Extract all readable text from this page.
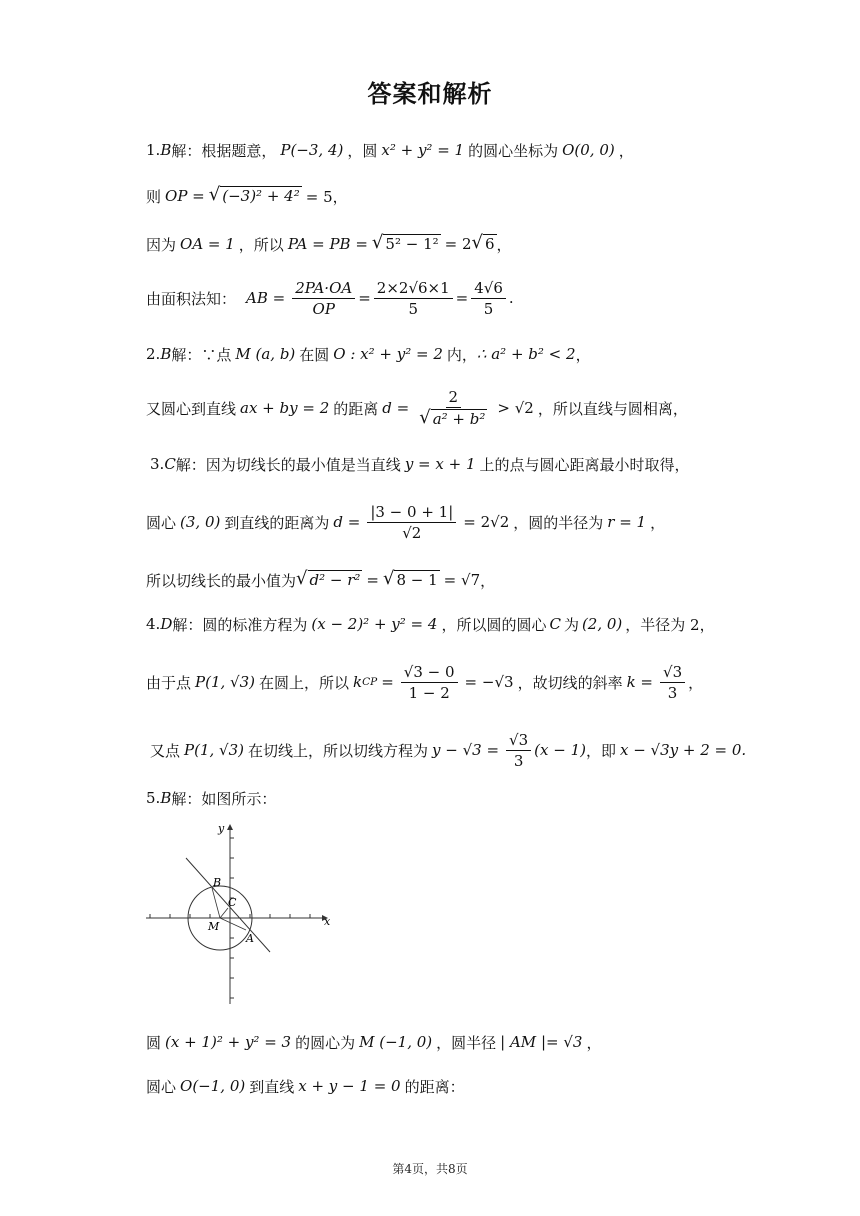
答案和解析
1. B 解：根据题意， P(−3, 4) ，圆 x² + y² = 1 的圆心坐标为 O(0, 0) ，
则 OP = √ (−3)² + 4² = 5，
因为 OA = 1 ，所以 PA = PB = √ 5² − 1² = 2 √ 6 ，
由面积法知： AB = $\frac{2PA\cdot OA}{OP} = \frac{2\times 2√6\times 1}{5} = \frac{4√6}{5}$ .
2. B 解：∵点 M (a, b) 在圆 O : x² + y² = 2 内， ∴ a² + b² < 2 ，
又圆心到直线 ax + by = 2 的距离 $d = \frac{2}{\text{√ a² + b²}} > √2$ ，所以直线与圆相离，
3. C 解：因为切线长的最小值是当直线 y = x + 1 上的点与圆心距离最小时取得，
圆心 (3, 0) 到直线的距离为 $d = \frac{|3 - 0 + 1|}{√2} = 2√2$ ，圆的半径为 r = 1 ，
所以切线长的最小值为 √ d² − r² = √ 8 − 1 = √7 ，
4. D 解：圆的标准方程为 (x − 2)² + y² = 4 ，所以圆的圆心 C 为 (2, 0) ，半径为 2，
由于点 P(1, √3) 在圆上，所以 k CP = $\frac{√3 - 0}{1 - 2} = -√3$ ，故切线的斜率 $k = \frac{√3}{3}$ ，
又点 P(1, √3) 在切线上，所以切线方程为 $y - √3 = \frac{√3}{3} (x - 1)$ ，即 x − √3y + 2 = 0.
5. B 解：如图所示：
y
x
B
C
M
A
圆 (x + 1)² + y² = 3 的圆心为 M (−1, 0) ，圆半径 | AM |= √3 ，
圆心 O(−1, 0) 到直线 x + y − 1 = 0 的距离：
第4页，共8页
